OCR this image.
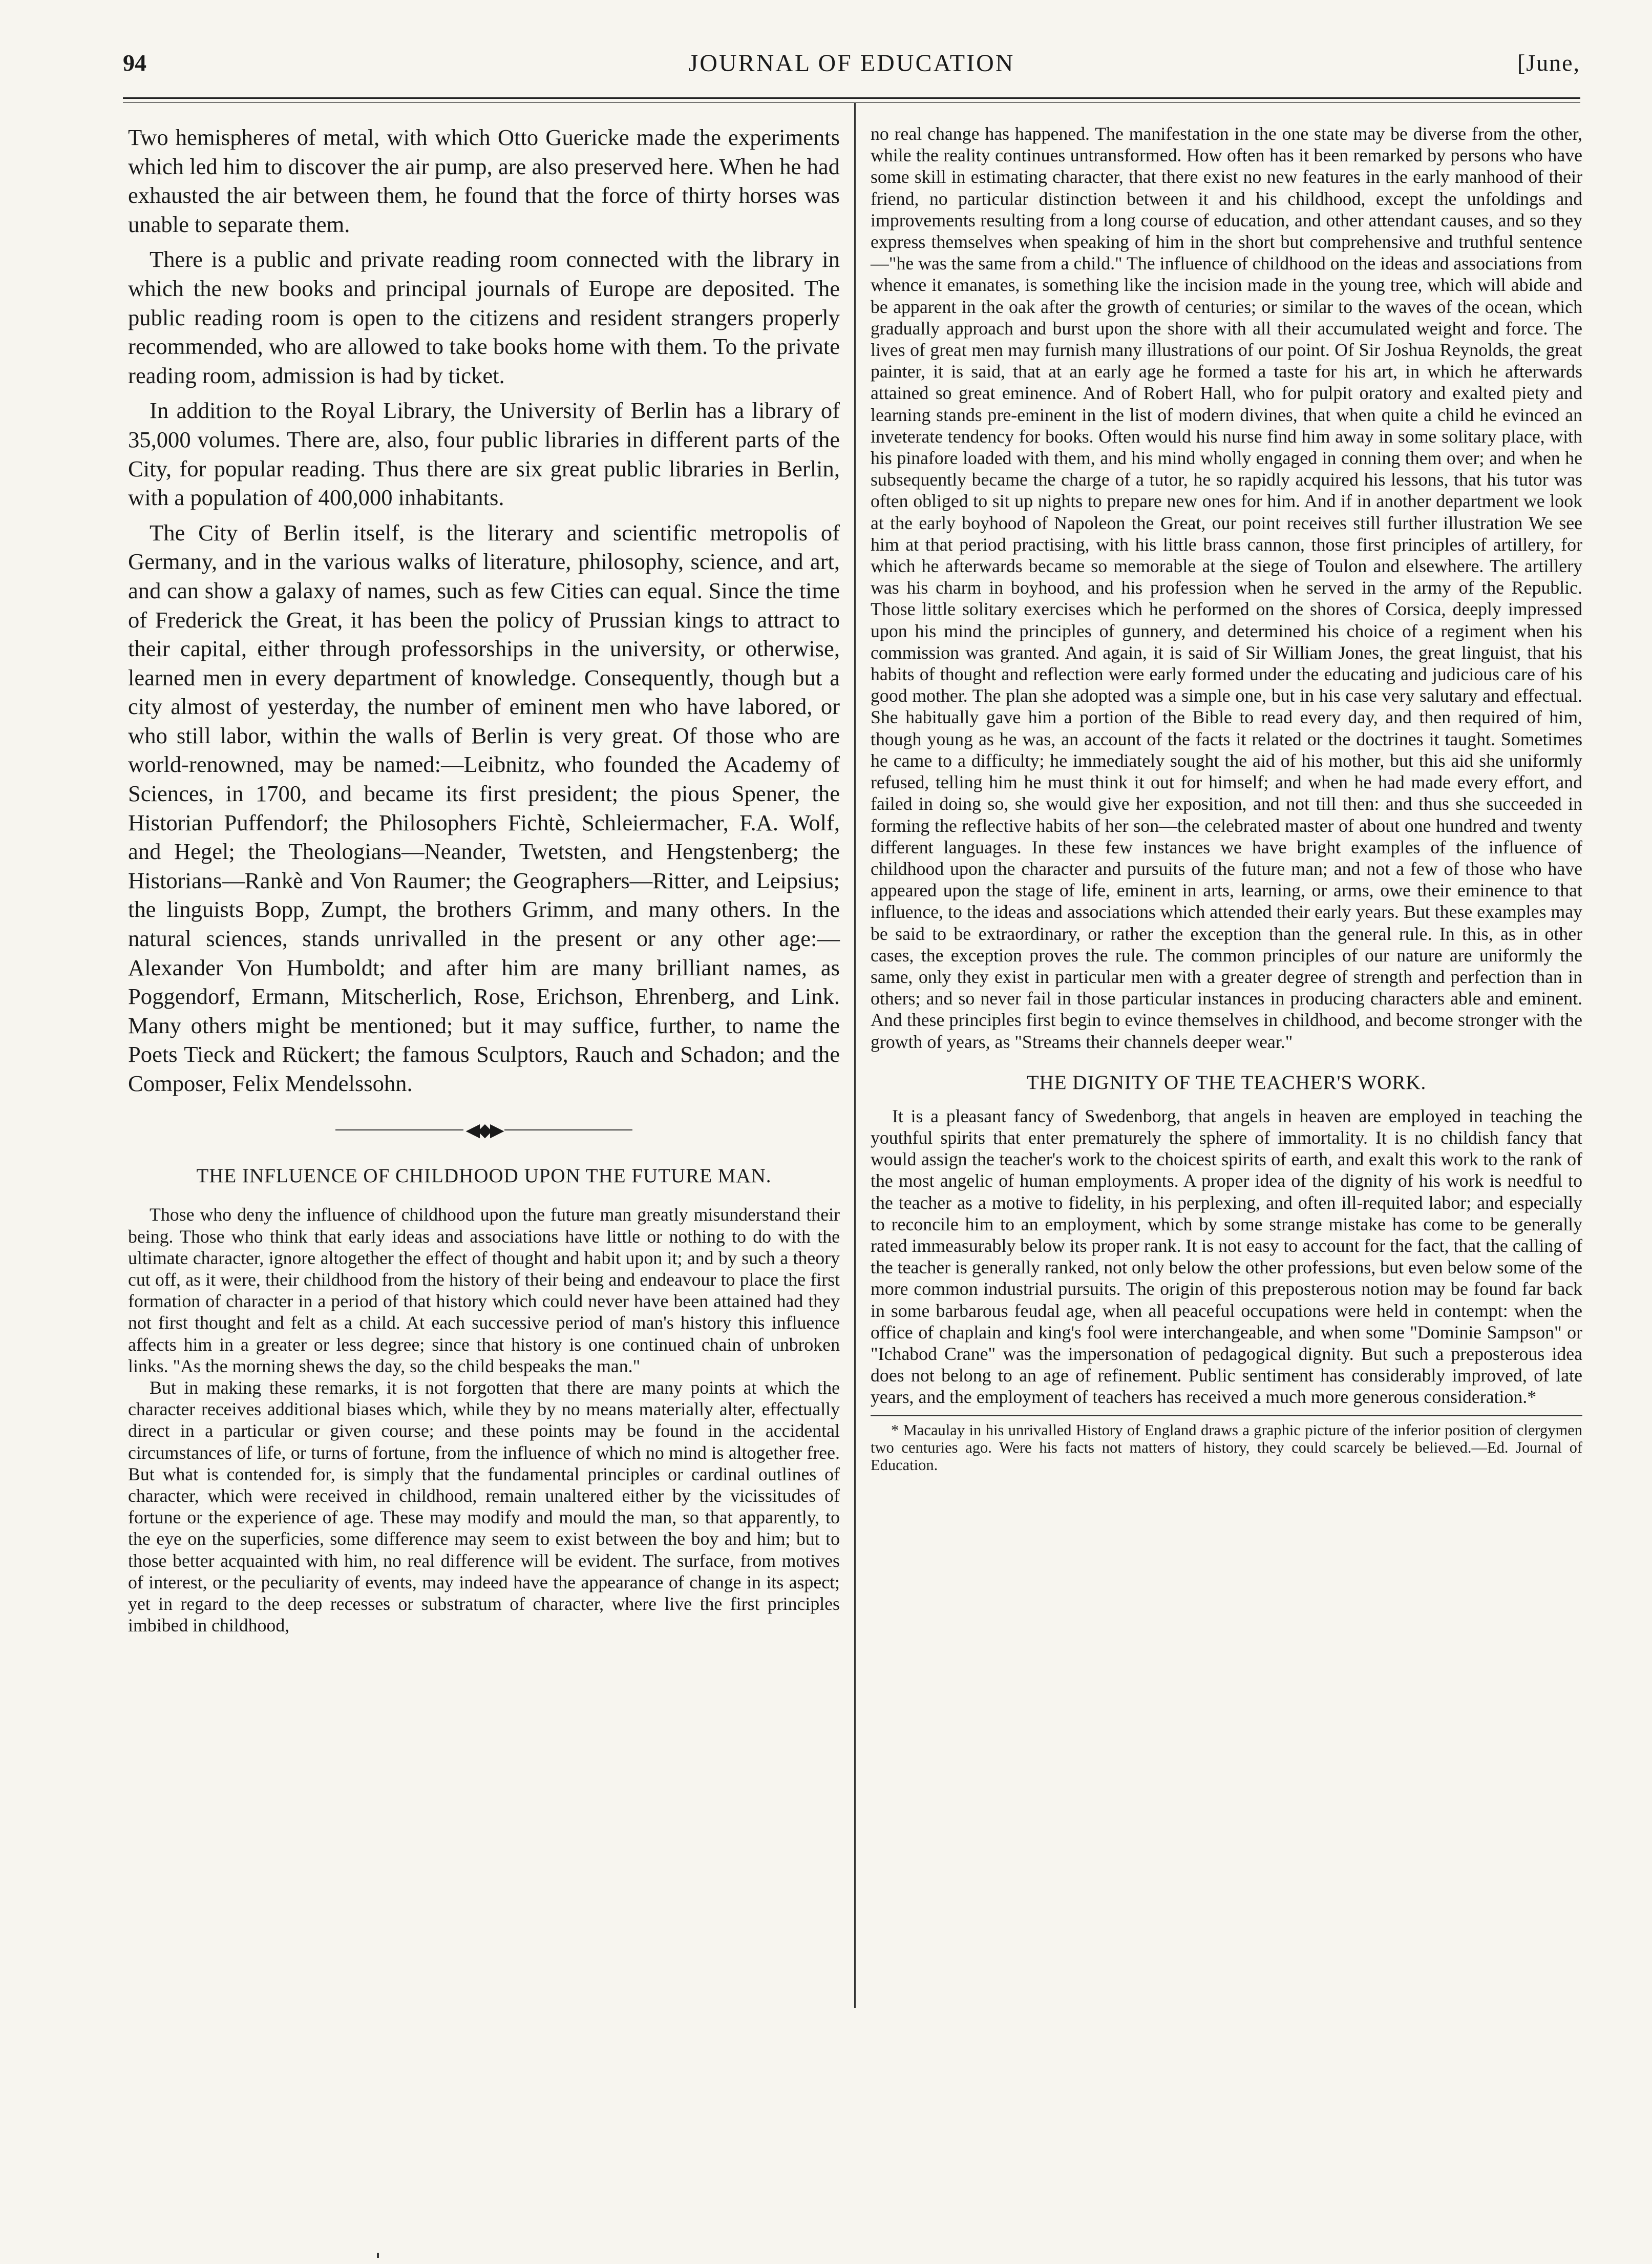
94	JOURNAL OF EDUCATION	[June,

Two hemispheres of metal, with which Otto Guericke made the experiments which led him to discover the air pump, are also preserved here. When he had exhausted the air between them, he found that the force of thirty horses was unable to separate them.

There is a public and private reading room connected with the library in which the new books and principal journals of Europe are deposited. The public reading room is open to the citizens and resident strangers properly recommended, who are allowed to take books home with them. To the private reading room, admission is had by ticket.

In addition to the Royal Library, the University of Berlin has a library of 35,000 volumes. There are, also, four public libraries in different parts of the City, for popular reading. Thus there are six great public libraries in Berlin, with a population of 400,000 inhabitants.

The City of Berlin itself, is the literary and scientific metropolis of Germany, and in the various walks of literature, philosophy, science, and art, and can show a galaxy of names, such as few Cities can equal. Since the time of Frederick the Great, it has been the policy of Prussian kings to attract to their capital, either through professorships in the university, or otherwise, learned men in every department of knowledge. Consequently, though but a city almost of yesterday, the number of eminent men who have labored, or who still labor, within the walls of Berlin is very great. Of those who are world-renowned, may be named:—Leibnitz, who founded the Academy of Sciences, in 1700, and became its first president; the pious Spener, the Historian Puffendorf; the Philosophers Fichtè, Schleiermacher, F.A. Wolf, and Hegel; the Theologians—Neander, Twetsten, and Hengstenberg; the Historians—Rankè and Von Raumer; the Geographers—Ritter, and Leipsius; the linguists Bopp, Zumpt, the brothers Grimm, and many others. In the natural sciences, stands unrivalled in the present or any other age:—Alexander Von Humboldt; and after him are many brilliant names, as Poggendorf, Ermann, Mitscherlich, Rose, Erichson, Ehrenberg, and Link. Many others might be mentioned; but it may suffice, further, to name the Poets Tieck and Rückert; the famous Sculptors, Rauch and Schadon; and the Composer, Felix Mendelssohn.

◀◆▶
THE INFLUENCE OF CHILDHOOD UPON THE FUTURE MAN.

Those who deny the influence of childhood upon the future man greatly misunderstand their being. Those who think that early ideas and associations have little or nothing to do with the ultimate character, ignore altogether the effect of thought and habit upon it; and by such a theory cut off, as it were, their childhood from the history of their being and endeavour to place the first formation of character in a period of that history which could never have been attained had they not first thought and felt as a child. At each successive period of man's history this influence affects him in a greater or less degree; since that history is one continued chain of unbroken links. "As the morning shews the day, so the child bespeaks the man."

But in making these remarks, it is not forgotten that there are many points at which the character receives additional biases which, while they by no means materially alter, effectually direct in a particular or given course; and these points may be found in the accidental circumstances of life, or turns of fortune, from the influence of which no mind is altogether free. But what is contended for, is simply that the fundamental principles or cardinal outlines of character, which were received in childhood, remain unaltered either by the vicissitudes of fortune or the experience of age. These may modify and mould the man, so that apparently, to the eye on the superficies, some difference may seem to exist between the boy and him; but to those better acquainted with him, no real difference will be evident. The surface, from motives of interest, or the peculiarity of events, may indeed have the appearance of change in its aspect; yet in regard to the deep recesses or substratum of character, where live the first principles imbibed in childhood,

no real change has happened. The manifestation in the one state may be diverse from the other, while the reality continues untransformed. How often has it been remarked by persons who have some skill in estimating character, that there exist no new features in the early manhood of their friend, no particular distinction between it and his childhood, except the unfoldings and improvements resulting from a long course of education, and other attendant causes, and so they express themselves when speaking of him in the short but comprehensive and truthful sentence—"he was the same from a child." The influence of childhood on the ideas and associations from whence it emanates, is something like the incision made in the young tree, which will abide and be apparent in the oak after the growth of centuries; or similar to the waves of the ocean, which gradually approach and burst upon the shore with all their accumulated weight and force. The lives of great men may furnish many illustrations of our point. Of Sir Joshua Reynolds, the great painter, it is said, that at an early age he formed a taste for his art, in which he afterwards attained so great eminence. And of Robert Hall, who for pulpit oratory and exalted piety and learning stands pre-eminent in the list of modern divines, that when quite a child he evinced an inveterate tendency for books. Often would his nurse find him away in some solitary place, with his pinafore loaded with them, and his mind wholly engaged in conning them over; and when he subsequently became the charge of a tutor, he so rapidly acquired his lessons, that his tutor was often obliged to sit up nights to prepare new ones for him. And if in another department we look at the early boyhood of Napoleon the Great, our point receives still further illustration We see him at that period practising, with his little brass cannon, those first principles of artillery, for which he afterwards became so memorable at the siege of Toulon and elsewhere. The artillery was his charm in boyhood, and his profession when he served in the army of the Republic. Those little solitary exercises which he performed on the shores of Corsica, deeply impressed upon his mind the principles of gunnery, and determined his choice of a regiment when his commission was granted. And again, it is said of Sir William Jones, the great linguist, that his habits of thought and reflection were early formed under the educating and judicious care of his good mother. The plan she adopted was a simple one, but in his case very salutary and effectual. She habitually gave him a portion of the Bible to read every day, and then required of him, though young as he was, an account of the facts it related or the doctrines it taught. Sometimes he came to a difficulty; he immediately sought the aid of his mother, but this aid she uniformly refused, telling him he must think it out for himself; and when he had made every effort, and failed in doing so, she would give her exposition, and not till then: and thus she succeeded in forming the reflective habits of her son—the celebrated master of about one hundred and twenty different languages. In these few instances we have bright examples of the influence of childhood upon the character and pursuits of the future man; and not a few of those who have appeared upon the stage of life, eminent in arts, learning, or arms, owe their eminence to that influence, to the ideas and associations which attended their early years. But these examples may be said to be extraordinary, or rather the exception than the general rule. In this, as in other cases, the exception proves the rule. The common principles of our nature are uniformly the same, only they exist in particular men with a greater degree of strength and perfection than in others; and so never fail in those particular instances in producing characters able and eminent. And these principles first begin to evince themselves in childhood, and become stronger with the growth of years, as "Streams their channels deeper wear."

THE DIGNITY OF THE TEACHER'S WORK.

It is a pleasant fancy of Swedenborg, that angels in heaven are employed in teaching the youthful spirits that enter prematurely the sphere of immortality. It is no childish fancy that would assign the teacher's work to the choicest spirits of earth, and exalt this work to the rank of the most angelic of human employments. A proper idea of the dignity of his work is needful to the teacher as a motive to fidelity, in his perplexing, and often ill-requited labor; and especially to reconcile him to an employment, which by some strange mistake has come to be generally rated immeasurably below its proper rank. It is not easy to account for the fact, that the calling of the teacher is generally ranked, not only below the other professions, but even below some of the more common industrial pursuits. The origin of this preposterous notion may be found far back in some barbarous feudal age, when all peaceful occupations were held in contempt: when the office of chaplain and king's fool were interchangeable, and when some "Dominie Sampson" or "Ichabod Crane" was the impersonation of pedagogical dignity. But such a preposterous idea does not belong to an age of refinement. Public sentiment has considerably improved, of late years, and the employment of teachers has received a much more generous consideration.*

* Macaulay in his unrivalled History of England draws a graphic picture of the inferior position of clergymen two centuries ago. Were his facts not matters of history, they could scarcely be believed.—Ed. Journal of Education.
